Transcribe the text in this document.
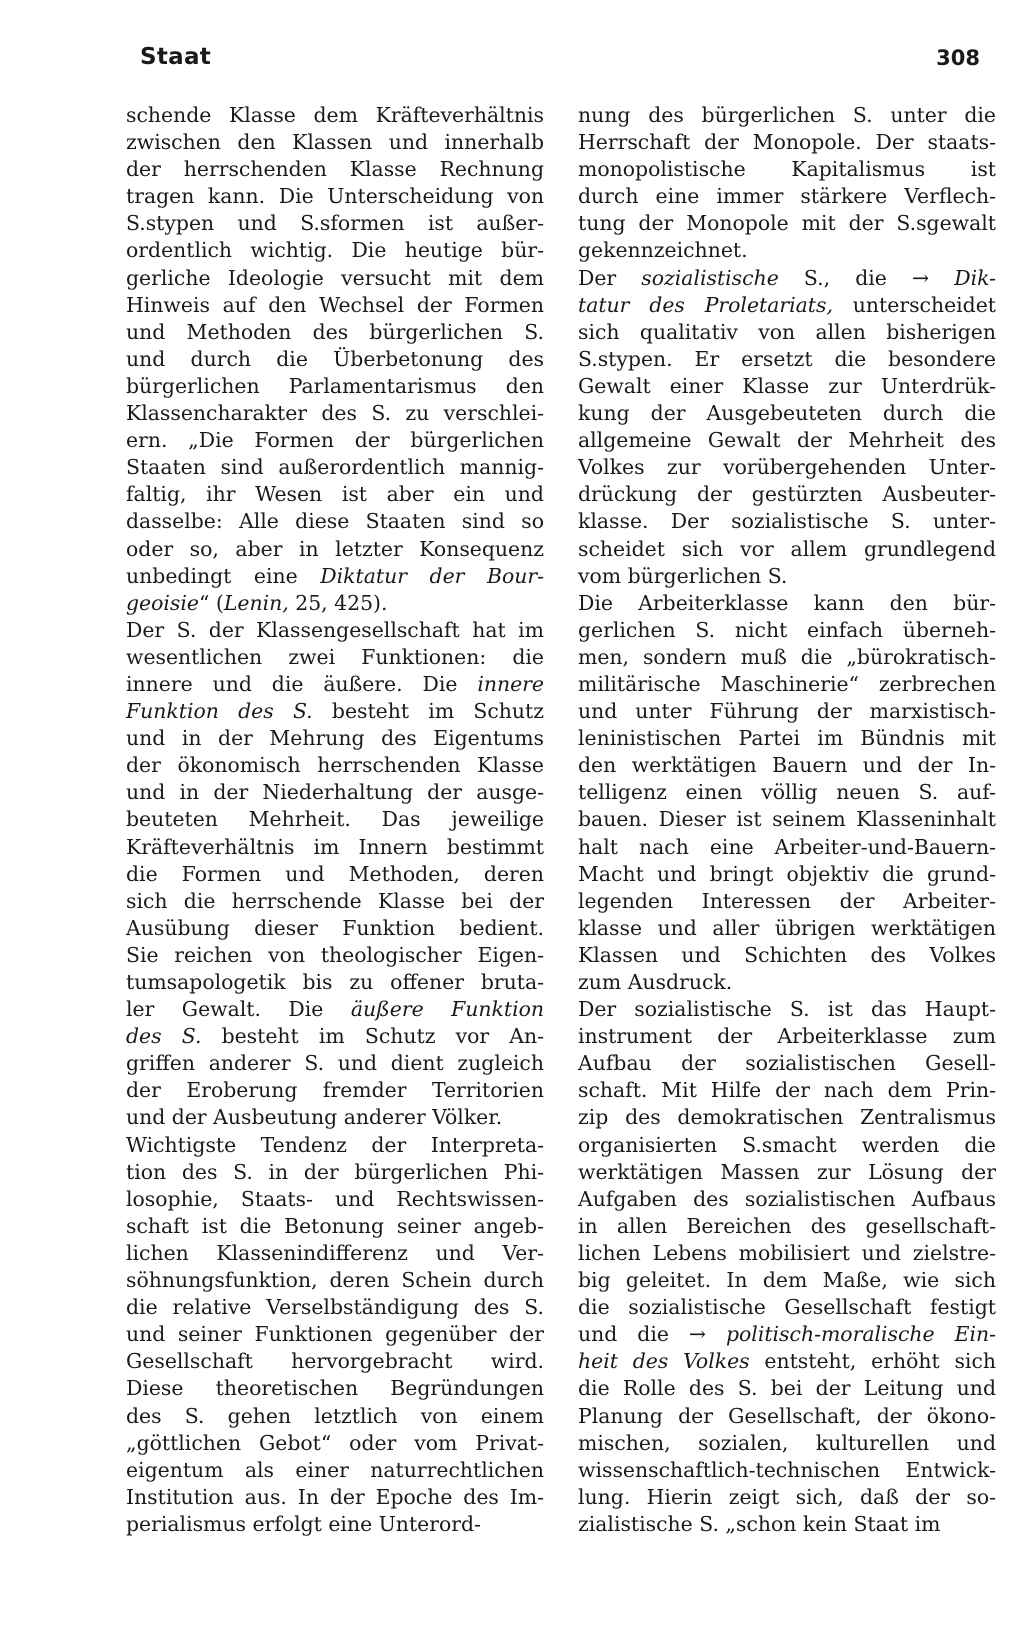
Staat	308
schende Klasse dem Kräfteverhältnis
zwischen den Klassen und innerhalb
der herrschenden Klasse Rechnung
tragen kann. Die Unterscheidung von
S.stypen und S.sformen ist außer-
ordentlich wichtig. Die heutige bür-
gerliche Ideologie versucht mit dem
Hinweis auf den Wechsel der Formen
und Methoden des bürgerlichen S.
und durch die Überbetonung des
bürgerlichen Parlamentarismus den
Klassencharakter des S. zu verschlei-
ern. „Die Formen der bürgerlichen
Staaten sind außerordentlich mannig-
faltig, ihr Wesen ist aber ein und
dasselbe: Alle diese Staaten sind so
oder so, aber in letzter Konsequenz
unbedingt eine Diktatur der Bour-
geoisie“ (Lenin, 25, 425).
Der S. der Klassengesellschaft hat im
wesentlichen zwei Funktionen: die
innere und die äußere. Die innere
Funktion des S. besteht im Schutz
und in der Mehrung des Eigentums
der ökonomisch herrschenden Klasse
und in der Niederhaltung der ausge-
beuteten Mehrheit. Das jeweilige
Kräfteverhältnis im Innern bestimmt
die Formen und Methoden, deren
sich die herrschende Klasse bei der
Ausübung dieser Funktion bedient.
Sie reichen von theologischer Eigen-
tumsapologetik bis zu offener bruta-
ler Gewalt. Die äußere Funktion
des S. besteht im Schutz vor An-
griffen anderer S. und dient zugleich
der Eroberung fremder Territorien
und der Ausbeutung anderer Völker.
Wichtigste Tendenz der Interpreta-
tion des S. in der bürgerlichen Phi-
losophie, Staats- und Rechtswissen-
schaft ist die Betonung seiner angeb-
lichen Klassenindifferenz und Ver-
söhnungsfunktion, deren Schein durch
die relative Verselbständigung des S.
und seiner Funktionen gegenüber der
Gesellschaft hervorgebracht wird.
Diese theoretischen Begründungen
des S. gehen letztlich von einem
„göttlichen Gebot“ oder vom Privat-
eigentum als einer naturrechtlichen
Institution aus. In der Epoche des Im-
perialismus erfolgt eine Unterord-
nung des bürgerlichen S. unter die
Herrschaft der Monopole. Der staats-
monopolistische Kapitalismus ist
durch eine immer stärkere Verflech-
tung der Monopole mit der S.sgewalt
gekennzeichnet.
Der sozialistische S., die → Dik-
tatur des Proletariats, unterscheidet
sich qualitativ von allen bisherigen
S.stypen. Er ersetzt die besondere
Gewalt einer Klasse zur Unterdrük-
kung der Ausgebeuteten durch die
allgemeine Gewalt der Mehrheit des
Volkes zur vorübergehenden Unter-
drückung der gestürzten Ausbeuter-
klasse. Der sozialistische S. unter-
scheidet sich vor allem grundlegend
vom bürgerlichen S.
Die Arbeiterklasse kann den bür-
gerlichen S. nicht einfach überneh-
men, sondern muß die „bürokratisch-
militärische Maschinerie“ zerbrechen
und unter Führung der marxistisch-
leninistischen Partei im Bündnis mit
den werktätigen Bauern und der In-
telligenz einen völlig neuen S. auf-
bauen. Dieser ist seinem Klasseninhalt
halt nach eine Arbeiter-und-Bauern-
Macht und bringt objektiv die grund-
legenden Interessen der Arbeiter-
klasse und aller übrigen werktätigen
Klassen und Schichten des Volkes
zum Ausdruck.
Der sozialistische S. ist das Haupt-
instrument der Arbeiterklasse zum
Aufbau der sozialistischen Gesell-
schaft. Mit Hilfe der nach dem Prin-
zip des demokratischen Zentralismus
organisierten S.smacht werden die
werktätigen Massen zur Lösung der
Aufgaben des sozialistischen Aufbaus
in allen Bereichen des gesellschaft-
lichen Lebens mobilisiert und zielstre-
big geleitet. In dem Maße, wie sich
die sozialistische Gesellschaft festigt
und die → politisch-moralische Ein-
heit des Volkes entsteht, erhöht sich
die Rolle des S. bei der Leitung und
Planung der Gesellschaft, der ökono-
mischen, sozialen, kulturellen und
wissenschaftlich-technischen Entwick-
lung. Hierin zeigt sich, daß der so-
zialistische S. „schon kein Staat im
